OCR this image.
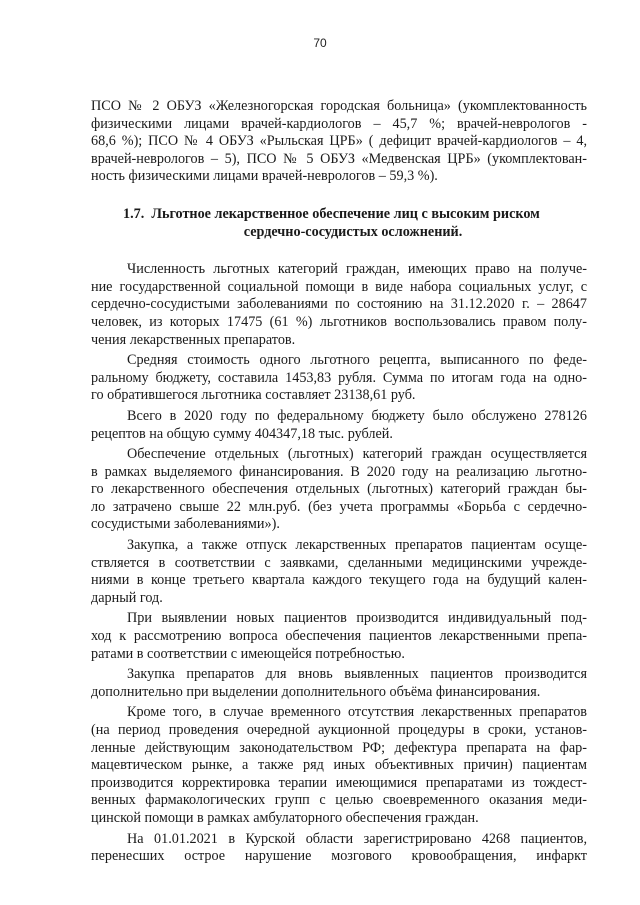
70
ПСО № 2 ОБУЗ «Железногорская городская больница» (укомплектованность
физическими лицами врачей-кардиологов – 45,7 %; врачей-неврологов -
68,6 %); ПСО № 4 ОБУЗ «Рыльская ЦРБ» ( дефицит врачей-кардиологов – 4,
врачей-неврологов – 5), ПСО № 5 ОБУЗ «Медвенская ЦРБ» (укомплектован-
ность физическими лицами врачей-неврологов – 59,3 %).
1.7. Льготное лекарственное обеспечение лиц с высоким риском
сердечно-сосудистых осложнений.
Численность льготных категорий граждан, имеющих право на получе-
ние государственной социальной помощи в виде набора социальных услуг, с
сердечно-сосудистыми заболеваниями по состоянию на 31.12.2020 г. – 28647
человек, из которых 17475 (61 %) льготников воспользовались правом полу-
чения лекарственных препаратов.
Средняя стоимость одного льготного рецепта, выписанного по феде-
ральному бюджету, составила 1453,83 рубля. Сумма по итогам года на одно-
го обратившегося льготника составляет 23138,61 руб.
Всего в 2020 году по федеральному бюджету было обслужено 278126
рецептов на общую сумму 404347,18 тыс. рублей.
Обеспечение отдельных (льготных) категорий граждан осуществляется
в рамках выделяемого финансирования. В 2020 году на реализацию льготно-
го лекарственного обеспечения отдельных (льготных) категорий граждан бы-
ло затрачено свыше 22 млн.руб. (без учета программы «Борьба с сердечно-
сосудистыми заболеваниями»).
Закупка, а также отпуск лекарственных препаратов пациентам осуще-
ствляется в соответствии с заявками, сделанными медицинскими учрежде-
ниями в конце третьего квартала каждого текущего года на будущий кален-
дарный год.
При выявлении новых пациентов производится индивидуальный под-
ход к рассмотрению вопроса обеспечения пациентов лекарственными препа-
ратами в соответствии с имеющейся потребностью.
Закупка препаратов для вновь выявленных пациентов производится
дополнительно при выделении дополнительного объёма финансирования.
Кроме того, в случае временного отсутствия лекарственных препаратов
(на период проведения очередной аукционной процедуры в сроки, установ-
ленные действующим законодательством РФ; дефектура препарата на фар-
мацевтическом рынке, а также ряд иных объективных причин) пациентам
производится корректировка терапии имеющимися препаратами из тождест-
венных фармакологических групп с целью своевременного оказания меди-
цинской помощи в рамках амбулаторного обеспечения граждан.
На 01.01.2021 в Курской области зарегистрировано 4268 пациентов,
перенесших острое нарушение мозгового кровообращения, инфаркт
